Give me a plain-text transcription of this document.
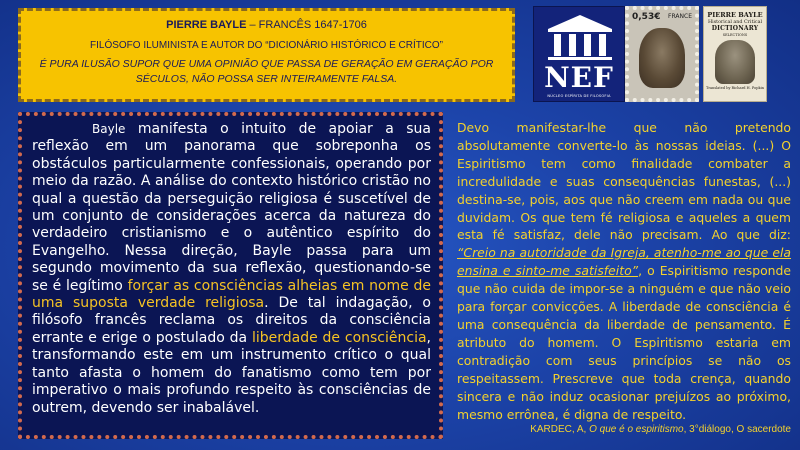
PIERRE BAYLE – FRANCÊS 1647-1706
FILÓSOFO ILUMINISTA E AUTOR DO “DICIONÁRIO HISTÓRICO E CRÍTICO”
É PURA ILUSÃO SUPOR QUE UMA OPINIÃO QUE PASSA DE GERAÇÃO EM GERAÇÃO POR SÉCULOS, NÃO POSSA SER INTEIRAMENTE FALSA.	NEF
NÚCLEO ESPÍRITA DE FILOSOFIA
0,53€ FRANCE	PIERRE BAYLE
Historical and Critical
DICTIONARY
SELECTIONS
Translated by Richard H. Popkin
Bayle manifesta o intuito de apoiar a sua reflexão em um panorama que sobreponha os obstáculos particularmente confessionais, operando por meio da razão. A análise do contexto histórico cristão no qual a questão da perseguição religiosa é suscetível de um conjunto de considerações acerca da natureza do verdadeiro cristianismo e o autêntico espírito do Evangelho. Nessa direção, Bayle passa para um segundo movimento da sua reflexão, questionando-se se é legítimo forçar as consciências alheias em nome de uma suposta verdade religiosa. De tal indagação, o filósofo francês reclama os direitos da consciência errante e erige o postulado da liberdade de consciência, transformando este em um instrumento crítico o qual tanto afasta o homem do fanatismo como tem por imperativo o mais profundo respeito às consciências de outrem, devendo ser inabalável.
Devo manifestar-lhe que não pretendo absolutamente converte-lo às nossas ideias. (...) O Espiritismo tem como finalidade combater a incredulidade e suas consequências funestas, (...) destina-se, pois, aos que não creem em nada ou que duvidam. Os que tem fé religiosa e aqueles a quem esta fé satisfaz, dele não precisam. Ao que diz: “Creio na autoridade da Igreja, atenho-me ao que ela ensina e sinto-me satisfeito”, o Espiritismo responde que não cuida de impor-se a ninguém e que não veio para forçar convicções. A liberdade de consciência é uma consequência da liberdade de pensamento. É atributo do homem. O Espiritismo estaria em contradição com seus princípios se não os respeitassem. Prescreve que toda crença, quando sincera e não induz ocasionar prejuízos ao próximo, mesmo errônea, é digna de respeito.
KARDEC, A, O que é o espiritismo, 3°diálogo, O sacerdote
